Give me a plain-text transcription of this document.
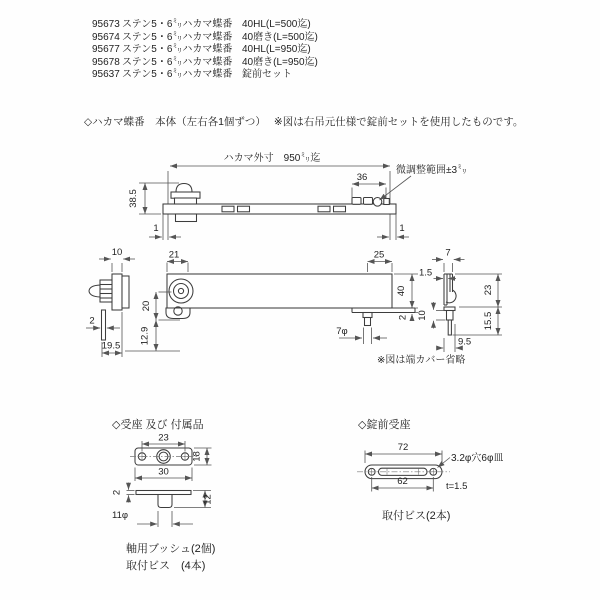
95673 ステン5・6㍉ハカマ蝶番 40HL(L=500迄)
95674 ステン5・6㍉ハカマ蝶番 40磨き(L=500迄)
95677 ステン5・6㍉ハカマ蝶番 40HL(L=950迄)
95678 ステン5・6㍉ハカマ蝶番 40磨き(L=950迄)
95637 ステン5・6㍉ハカマ蝶番 錠前セット
◇ハカマ蝶番　本体（左右各1個ずつ） ※図は右吊元仕様で錠前セットを使用したものです。
ハカマ外寸　950㍉迄
36
微調整範囲±3㍉
38.5
1	1
10
2
19.5
21
20
12.9
25
40
2
7φ
※図は端カバー省略
7
1.5
23
15.5
10
9.5
◇受座 及び 付属品
23
18
30
2
12
11φ
軸用ブッシュ(2個)
取付ビス　(4本)
◇錠前受座
72
62
3.2φ穴6φ皿
t=1.5
取付ビス(2本)
